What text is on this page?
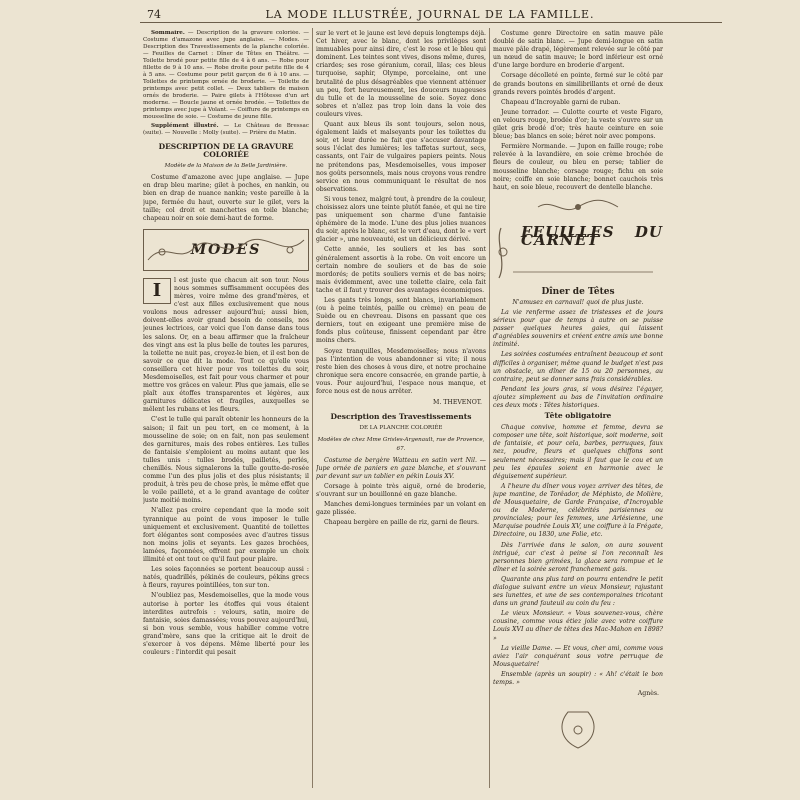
74	LA MODE ILLUSTRÉE, JOURNAL DE LA FAMILLE.

Sommaire. — Description de la gravure coloriée. — Costume d'amazone avec jupe anglaise. — Modes. — Description des Travestissements de la planche coloriée. — Feuilles de Carnet : Dîner de Têtes en Théâtre. — Toilette brodé pour petite fille de 4 à 6 ans. — Robe pour fillette de 9 à 10 ans. — Robe droite pour petite fille de 4 à 5 ans. — Costume pour petit garçon de 6 à 10 ans. — Toilettes de printemps ornée de broderie. — Toilette de printemps avec petit collet. — Deux tabliers de maison ornés de broderie. — Paire gilets à l'Hôtesse d'un art moderne. — Boucle jaune et ornée brodée. — Toilettes de printemps avec jupe à Volant. — Coiffure de printemps en mousseline de soie. — Costume de jeune fille.

Supplément illustré. — Le Château de Bressac (suite). — Nouvelle : Molly (suite). — Prière du Matin.

DESCRIPTION DE LA GRAVURE COLORIÉE
Modèle de la Maison de la Belle Jardinière.

Costume d'amazone avec jupe anglaise. — Jupe en drap bleu marine; gilet à poches, en nankin, ou bien en drap de nuance nankin; veste pareille à la jupe, fermée du haut, ouverte sur le gilet, vers la taille; col droit et manchettes en toile blanche; chapeau noir en soie demi-haut de forme.

MODES
I	l est juste que chacun ait son tour. Nous nous sommes suffisamment occupées des mères, voire même des grand'mères, et c'est aux filles exclusivement que nous voulons nous adresser aujourd'hui; aussi bien, doivent-elles avoir grand besoin de conseils, nos jeunes lectrices, car voici que l'on danse dans tous les salons. Or, en a beau affirmer que la fraîcheur des vingt ans est la plus belle de toutes les parures, la toilette ne nuit pas, croyez-le bien, et il est bon de savoir ce que dit la mode. Tout ce qu'elle vous conseillera cet hiver pour vos toilettes du soir, Mesdemoiselles, est fait pour vous charmer et pour mettre vos grâces en valeur. Plus que jamais, elle se plaît aux étoffes transparentes et légères, aux garnitures délicates et fragiles, auxquelles se mêlent les rubans et les fleurs.

C'est le tulle qui paraît obtenir les honneurs de la saison; il fait un peu tort, en ce moment, à la mousseline de soie; on en fait, non pas seulement des garnitures, mais des robes entières. Les tulles de fantaisie s'emploient au moins autant que les tulles unis : tulles brodés, pailletés, perlés, chenillés. Nous signalerons la tulle goutte-de-rosée comme l'un des plus jolis et des plus résistants; il produit, à très peu de chose près, le même effet que le voile pailleté, et a le grand avantage de coûter juste moitié moins.

N'allez pas croire cependant que la mode soit tyrannique au point de vous imposer le tulle uniquement et exclusivement. Quantité de toilettes fort élégantes sont composées avec d'autres tissus non moins jolis et seyants. Les gazes brochées, lamées, façonnées, offrent par exemple un choix illimité et ont tout ce qu'il faut pour plaire.

Les soies façonnées se portent beaucoup aussi : natés, quadrillés, pékinés de couleurs, pékins grecs à fleurs, rayures pointillées, ton sur ton.

N'oubliez pas, Mesdemoiselles, que la mode vous autorise à porter les étoffes qui vous étaient interdites autrefois : velours, satin, moire de fantaisie, soies damassées; vous pouvez aujourd'hui, si bon vous semble, vous habiller comme votre grand'mère, sans que la critique ait le droit de s'exercer à vos dépens. Même liberté pour les couleurs : l'interdit qui pesait

sur le vert et le jaune est levé depuis longtemps déjà. Cet hiver, avec le blanc, dont les privilèges sont immuables pour ainsi dire, c'est le rose et le bleu qui dominent. Les teintes sont vives, disons même, dures, criardes; ses rose géranium, corail, lilas; ces bleus turquoise, saphir, Olympe, porcelaine, ont une brutalité de plus désagréables que viennent atténuer un peu, fort heureusement, les douceurs nuageuses du tulle et de la mousseline de soie. Soyez donc sobres et n'allez pas trop loin dans la voie des couleurs vives.

Quant aux bleus ils sont toujours, selon nous, également laids et malseyants pour les toilettes du soir, et leur durée ne fait que s'accuser davantage sous l'éclat des lumières; les taffetas surtout, secs, cassants, ont l'air de vulgaires papiers peints. Nous ne prétendons pas, Mesdemoiselles, vous imposer nos goûts personnels, mais nous croyons vous rendre service en nous communiquant le résultat de nos observations.

Si vous tenez, malgré tout, à prendre de la couleur, choisissez alors une teinte plutôt fanée, et qui ne tire pas uniquement son charme d'une fantaisie éphémère de la mode. L'une des plus jolies nuances du soir, après le blanc, est le vert d'eau, dont le « vert glacier », une nouveauté, est un délicieux dérivé.

Cette année, les souliers et les bas sont généralement assortis à la robe. On voit encore un certain nombre de souliers et de bas de soie mordorés; de petits souliers vernis et de bas noirs; mais évidemment, avec une toilette claire, cela fait tache et il faut y trouver des avantages économiques.

Les gants très longs, sont blancs, invariablement (ou à peine teintés, paille ou crème) en peau de Suède ou en chevreau. Disons en passant que ces derniers, tout en exigeant une première mise de fonds plus coûteuse, finissent cependant par être moins chers.

Soyez tranquilles, Mesdemoiselles; nous n'avons pas l'intention de vous abandonner si vite; il nous reste bien des choses à vous dire, et notre prochaine chronique sera encore consacrée, en grande partie, à vous. Pour aujourd'hui, l'espace nous manque, et force nous est de nous arrêter.

M. THEVENOT.
Description des Travestissements
DE LA PLANCHE COLORIÉE
Modèles de chez Mme Grisles-Argenault, rue de Provence, 67.

Costume de bergère Watteau en satin vert Nil. — Jupe ornée de paniers en gaze blanche, et s'ouvrant par devant sur un tablier en pékin Louis XV.

Corsage à pointe très aiguë, orné de broderie, s'ouvrant sur un bouillonné en gaze blanche.

Manches demi-longues terminées par un volant en gaze plissée.

Chapeau bergère en paille de riz, garni de fleurs.

Costume genre Directoire en satin mauve pâle doublé de satin blanc. — Jupe demi-longue en satin mauve pâle drapé, légèrement relevée sur le côté par un nœud de satin mauve; le bord inférieur est orné d'une large bordure en broderie d'argent.

Corsage décolleté en pointe, fermé sur le côté par de grands boutons en similibrillants et orné de deux grands revers pointés brodés d'argent.

Chapeau d'Incroyable garni de ruban.

Jeune torrador. — Culotte courte et veste Figaro, en velours rouge, brodée d'or; la veste s'ouvre sur un gilet gris brodé d'or; très haute ceinture en soie bleue; bas blancs en soie; béret noir avec pompons.

Fermière Normande. — Jupon en faille rouge; robe relevée à la lavandière, en soie crème brochée de fleurs de couleur, ou bleu en perse; tablier de mousseline blanche; corsage rouge; fichu en soie noire; coiffe en soie blanche; bonnet cauchois très haut, en soie bleue, recouvert de dentelle blanche.

FEUILLES DU CARNET
Dîner de Têtes

N'amusez en carnaval! quoi de plus juste.

La vie renferme assez de tristesses et de jours sérieux pour que de temps à autre on se puisse passer quelques heures gaies, qui laissent d'agréables souvenirs et créent entre amis une bonne intimité.

Les soirées costumées entraînent beaucoup et sont difficiles à organiser, même quand le budget n'est pas un obstacle, un dîner de 15 ou 20 personnes, au contraire, peut se donner sans frais considérables.

Pendant les jours gras, si vous désirez l'égayer, ajoutez simplement au bas de l'invitation ordinaire ces deux mots : Têtes historiques.

Tête obligatoire

Chaque convive, homme et femme, devra se composer une tête, soit historique, soit moderne, soit de fantaisie, et pour cela, barbes, perruques, faux nez, poudre, fleurs et quelques chiffons sont seulement nécessaires; mais il faut que le cou et un peu les épaules soient en harmonie avec le déguisement supérieur.

A l'heure du dîner vous voyez arriver des têtes, de jupe mantine, de Torêador, de Méphisto, de Molière, de Mousquetaire, de Garde Française, d'Incroyable ou de Moderne, célébrités parisiennes ou provinciales; pour les femmes, une Arlésienne, une Marquise poudrée Louis XV, une coiffure à la Frégate, Directoire, ou 1830, une Folie, etc.

Dès l'arrivée dans le salon, on aura souvent intrigué, car c'est à peine si l'on reconnaît les personnes bien grimées, la glace sera rompue et le dîner et la soirée seront franchement gais.

Quarante ans plus tard on pourra entendre le petit dialogue suivant entre un vieux Monsieur, rajustant ses lunettes, et une de ses contemporaines tricotant dans un grand fauteuil au coin du feu :

Le vieux Monsieur. « Vous souvenez-vous, chère cousine, comme vous étiez jolie avec votre coiffure Louis XVI au dîner de têtes des Mac-Mahon en 1898? »

La vieille Dame. — Et vous, cher ami, comme vous aviez l'air conquérant sous votre perruque de Mousquetaire!

Ensemble (après un soupir) : « Ah! c'était le bon temps. »

Agnès.
